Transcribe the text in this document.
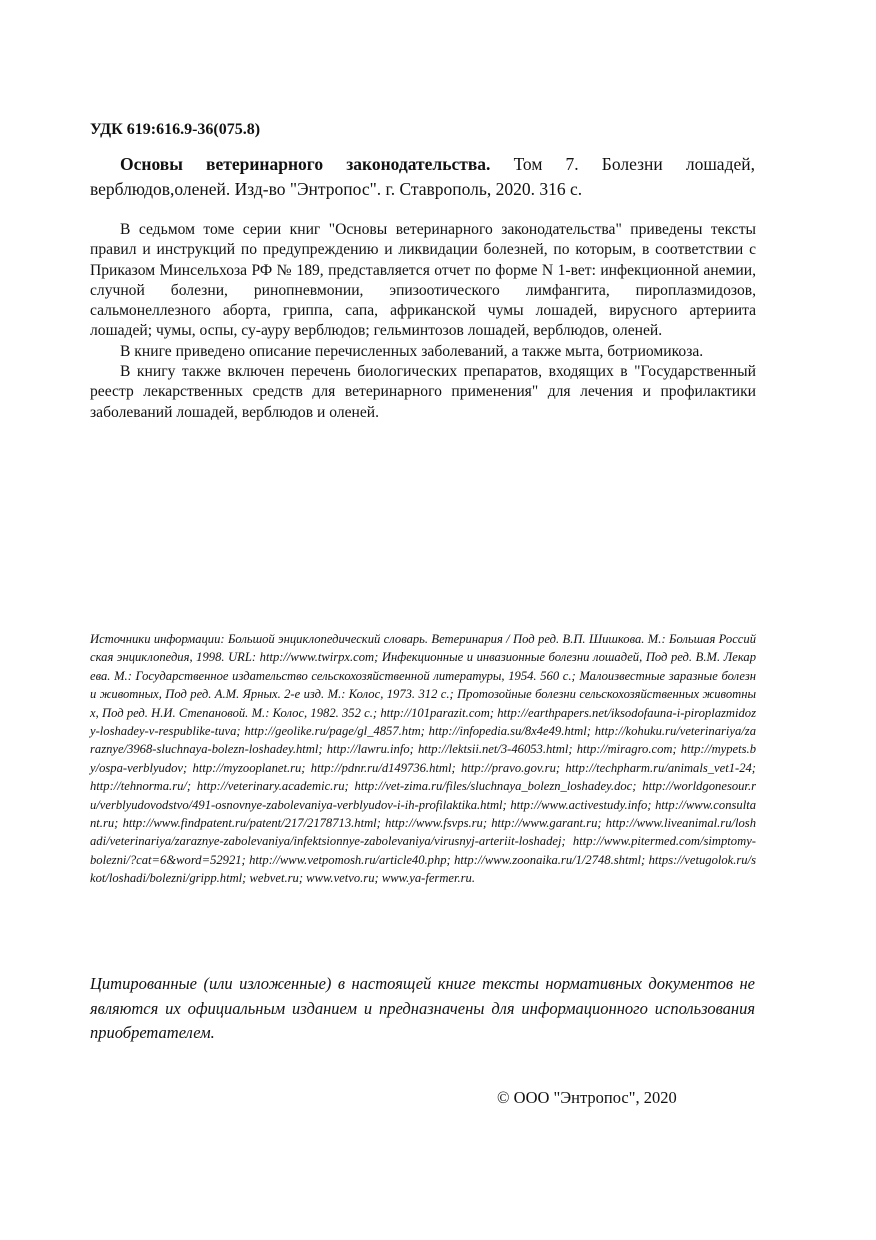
УДК 619:616.9-36(075.8)

Основы ветеринарного законодательства. Том 7. Болезни лошадей, верблюдов,оленей. Изд-во "Энтропос". г. Ставрополь, 2020. 316 с.

В седьмом томе серии книг "Основы ветеринарного законодательства" приведены тексты правил и инструкций по предупреждению и ликвидации болезней, по которым, в соответствии с Приказом Минсельхоза РФ № 189, представляется отчет по форме N 1-вет: инфекционной анемии, случной болезни, ринопневмонии, эпизоотического лимфангита, пироплазмидозов, сальмонеллезного аборта, гриппа, сапа, африканской чумы лошадей, вирусного артериита лошадей; чумы, оспы, су-ауру верблюдов; гельминтозов лошадей, верблюдов, оленей.

В книге приведено описание перечисленных заболеваний, а также мыта, ботриомикоза.

В книгу также включен перечень биологических препаратов, входящих в "Государственный реестр лекарственных средств для ветеринарного применения" для лечения и профилактики заболеваний лошадей, верблюдов и оленей.

Источники информации: Большой энциклопедический словарь. Ветеринария / Под ред. В.П. Шишкова. М.: Большая Российская энциклопедия, 1998. URL: http://www.twirpx.com; Инфекционные и инвазионные болезни лошадей, Под ред. В.М. Лекарева. М.: Государственное издательство сельскохозяйственной литературы, 1954. 560 с.; Малоизвестные заразные болезни животных, Под ред. А.М. Ярных. 2-е изд. М.: Колос, 1973. 312 с.; Протозойные болезни сельскохозяйственных животных, Под ред. Н.И. Степановой. М.: Колос, 1982. 352 с.; http://101parazit.com; http://earthpapers.net/iksodofauna-i-piroplazmidozy-loshadey-v-respublike-tuva; http://geolike.ru/page/gl_4857.htm; http://infopedia.su/8x4e49.html; http://kohuku.ru/veterinariya/zaraznye/3968-sluchnaya-bolezn-loshadey.html; http://lawru.info; http://lektsii.net/3-46053.html; http://miragro.com; http://mypets.by/ospa-verblyudov; http://myzooplanet.ru; http://pdnr.ru/d149736.html; http://pravo.gov.ru; http://techpharm.ru/animals_vet1-24; http://tehnorma.ru/; http://veterinary.academic.ru; http://vet-zima.ru/files/sluchnaya_bolezn_loshadey.doc; http://worldgonesour.ru/verblyudovodstvo/491-osnovnye-zabolevaniya-verblyudov-i-ih-profilaktika.html; http://www.activestudy.info; http://www.consultant.ru; http://www.findpatent.ru/patent/217/2178713.html; http://www.fsvps.ru; http://www.garant.ru; http://www.liveanimal.ru/loshadi/veterinariya/zaraznye-zabolevaniya/infektsionnye-zabolevaniya/virusnyj-arteriit-loshadej; http://www.pitermed.com/simptomy-bolezni/?cat=6&word=52921; http://www.vetpomosh.ru/article40.php; http://www.zoonaika.ru/1/2748.shtml; https://vetugolok.ru/skot/loshadi/bolezni/gripp.html; webvet.ru; www.vetvo.ru; www.ya-fermer.ru.

Цитированные (или изложенные) в настоящей книге тексты нормативных документов не являются их официальным изданием и предназначены для информационного использования приобретателем.

© ООО "Энтропос", 2020
